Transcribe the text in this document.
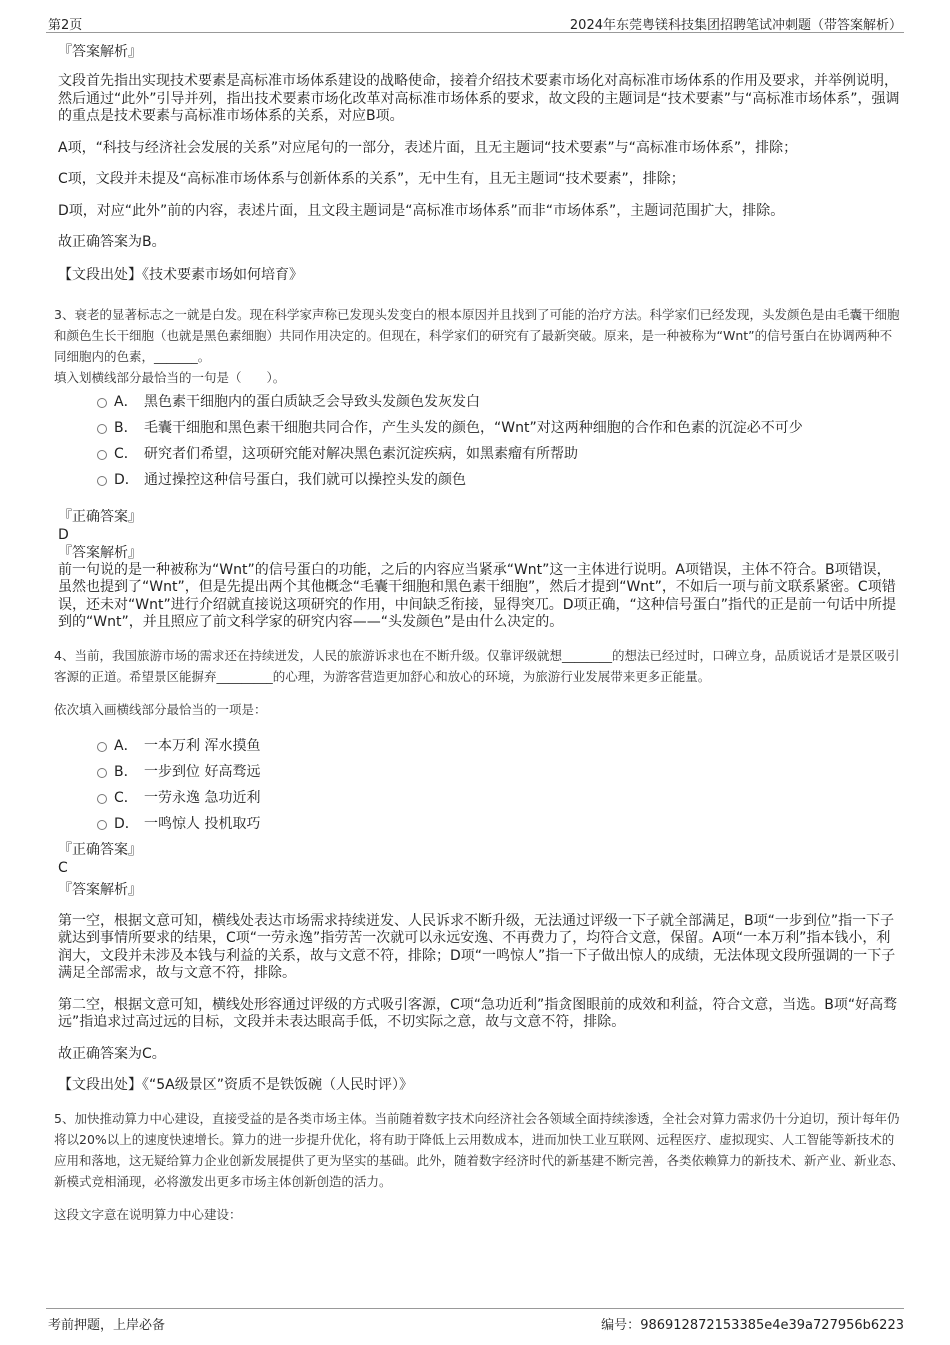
第2页	2024年东莞粤镁科技集团招聘笔试冲刺题（带答案解析）
『答案解析』

文段首先指出实现技术要素是高标准市场体系建设的战略使命，接着介绍技术要素市场化对高标准市场体系的作用及要求，并举例说明，然后通过“此外”引导并列，指出技术要素市场化改革对高标准市场体系的要求，故文段的主题词是“技术要素”与“高标准市场体系”，强调的重点是技术要素与高标准市场体系的关系，对应B项。

A项，“科技与经济社会发展的关系”对应尾句的一部分，表述片面，且无主题词“技术要素”与“高标准市场体系”，排除；

C项，文段并未提及“高标准市场体系与创新体系的关系”，无中生有，且无主题词“技术要素”，排除；

D项，对应“此外”前的内容，表述片面，且文段主题词是“高标准市场体系”而非“市场体系”，主题词范围扩大，排除。

故正确答案为B。

【文段出处】《技术要素市场如何培育》

3、衰老的显著标志之一就是白发。现在科学家声称已发现头发变白的根本原因并且找到了可能的治疗方法。科学家们已经发现，头发颜色是由毛囊干细胞和颜色生长干细胞（也就是黑色素细胞）共同作用决定的。但现在，科学家们的研究有了最新突破。原来，是一种被称为“Wnt”的信号蛋白在协调两种不同细胞内的色素，_______。

填入划横线部分最恰当的一句是（　　）。

A． 黑色素干细胞内的蛋白质缺乏会导致头发颜色发灰发白
B． 毛囊干细胞和黑色素干细胞共同合作，产生头发的颜色，“Wnt”对这两种细胞的合作和色素的沉淀必不可少
C． 研究者们希望，这项研究能对解决黑色素沉淀疾病，如黑素瘤有所帮助
D． 通过操控这种信号蛋白，我们就可以操控头发的颜色
『正确答案』
D
『答案解析』

前一句说的是一种被称为“Wnt”的信号蛋白的功能，之后的内容应当紧承“Wnt”这一主体进行说明。A项错误，主体不符合。B项错误，虽然也提到了“Wnt”，但是先提出两个其他概念“毛囊干细胞和黑色素干细胞”，然后才提到“Wnt”，不如后一项与前文联系紧密。C项错误，还未对“Wnt”进行介绍就直接说这项研究的作用，中间缺乏衔接，显得突兀。D项正确，“这种信号蛋白”指代的正是前一句话中所提到的“Wnt”，并且照应了前文科学家的研究内容——“头发颜色”是由什么决定的。

4、当前，我国旅游市场的需求还在持续迸发，人民的旅游诉求也在不断升级。仅靠评级就想________的想法已经过时，口碑立身，品质说话才是景区吸引客源的正道。希望景区能摒弃_________的心理，为游客营造更加舒心和放心的环境，为旅游行业发展带来更多正能量。

依次填入画横线部分最恰当的一项是：

A． 一本万利 浑水摸鱼
B． 一步到位 好高骛远
C． 一劳永逸 急功近利
D． 一鸣惊人 投机取巧
『正确答案』
C
『答案解析』

第一空，根据文意可知，横线处表达市场需求持续迸发、人民诉求不断升级，无法通过评级一下子就全部满足，B项“一步到位”指一下子就达到事情所要求的结果，C项“一劳永逸”指劳苦一次就可以永远安逸、不再费力了，均符合文意，保留。A项“一本万利”指本钱小，利润大，文段并未涉及本钱与利益的关系，故与文意不符，排除；D项“一鸣惊人”指一下子做出惊人的成绩，无法体现文段所强调的一下子满足全部需求，故与文意不符，排除。

第二空，根据文意可知，横线处形容通过评级的方式吸引客源，C项“急功近利”指贪图眼前的成效和利益，符合文意，当选。B项“好高骛远”指追求过高过远的目标，文段并未表达眼高手低，不切实际之意，故与文意不符，排除。

故正确答案为C。

【文段出处】《“5A级景区”资质不是铁饭碗（人民时评）》

5、加快推动算力中心建设，直接受益的是各类市场主体。当前随着数字技术向经济社会各领域全面持续渗透，全社会对算力需求仍十分迫切，预计每年仍将以20%以上的速度快速增长。算力的进一步提升优化，将有助于降低上云用数成本，进而加快工业互联网、远程医疗、虚拟现实、人工智能等新技术的应用和落地，这无疑给算力企业创新发展提供了更为坚实的基础。此外，随着数字经济时代的新基建不断完善，各类依赖算力的新技术、新产业、新业态、新模式竞相涌现，必将激发出更多市场主体创新创造的活力。

这段文字意在说明算力中心建设：

考前押题，上岸必备	编号：986912872153385e4e39a727956b6223
